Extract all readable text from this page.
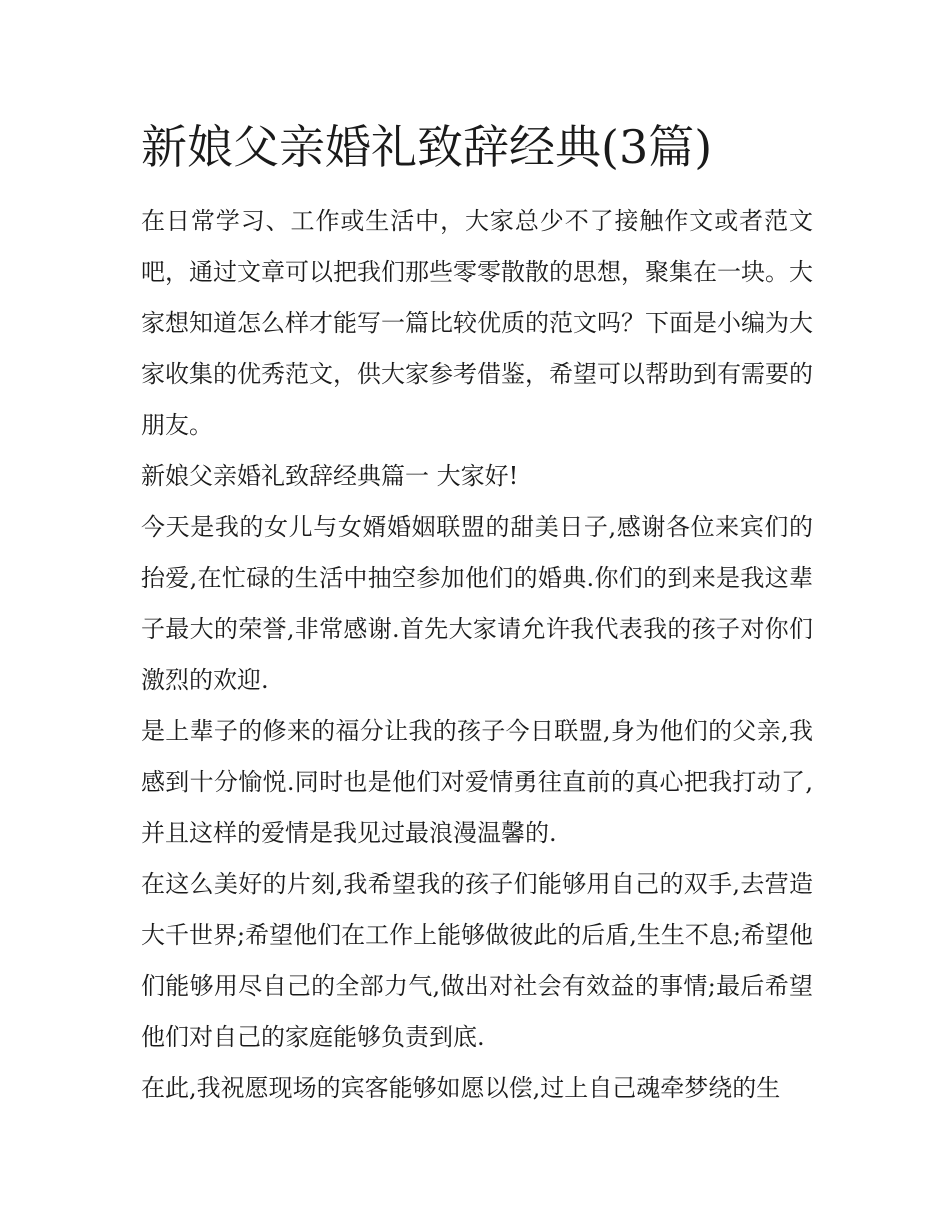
新娘父亲婚礼致辞经典(3篇)

在日常学习、工作或生活中，大家总少不了接触作文或者范文吧，通过文章可以把我们那些零零散散的思想，聚集在一块。大家想知道怎么样才能写一篇比较优质的范文吗？下面是小编为大家收集的优秀范文，供大家参考借鉴，希望可以帮助到有需要的朋友。

新娘父亲婚礼致辞经典篇一 大家好!

今天是我的女儿与女婿婚姻联盟的甜美日子,感谢各位来宾们的抬爱,在忙碌的生活中抽空参加他们的婚典.你们的到来是我这辈子最大的荣誉,非常感谢.首先大家请允许我代表我的孩子对你们激烈的欢迎.

是上辈子的修来的福分让我的孩子今日联盟,身为他们的父亲,我感到十分愉悦.同时也是他们对爱情勇往直前的真心把我打动了,并且这样的爱情是我见过最浪漫温馨的.

在这么美好的片刻,我希望我的孩子们能够用自己的双手,去营造大千世界;希望他们在工作上能够做彼此的后盾,生生不息;希望他们能够用尽自己的全部力气,做出对社会有效益的事情;最后希望他们对自己的家庭能够负责到底.

在此,我祝愿现场的宾客能够如愿以偿,过上自己魂牵梦绕的生
